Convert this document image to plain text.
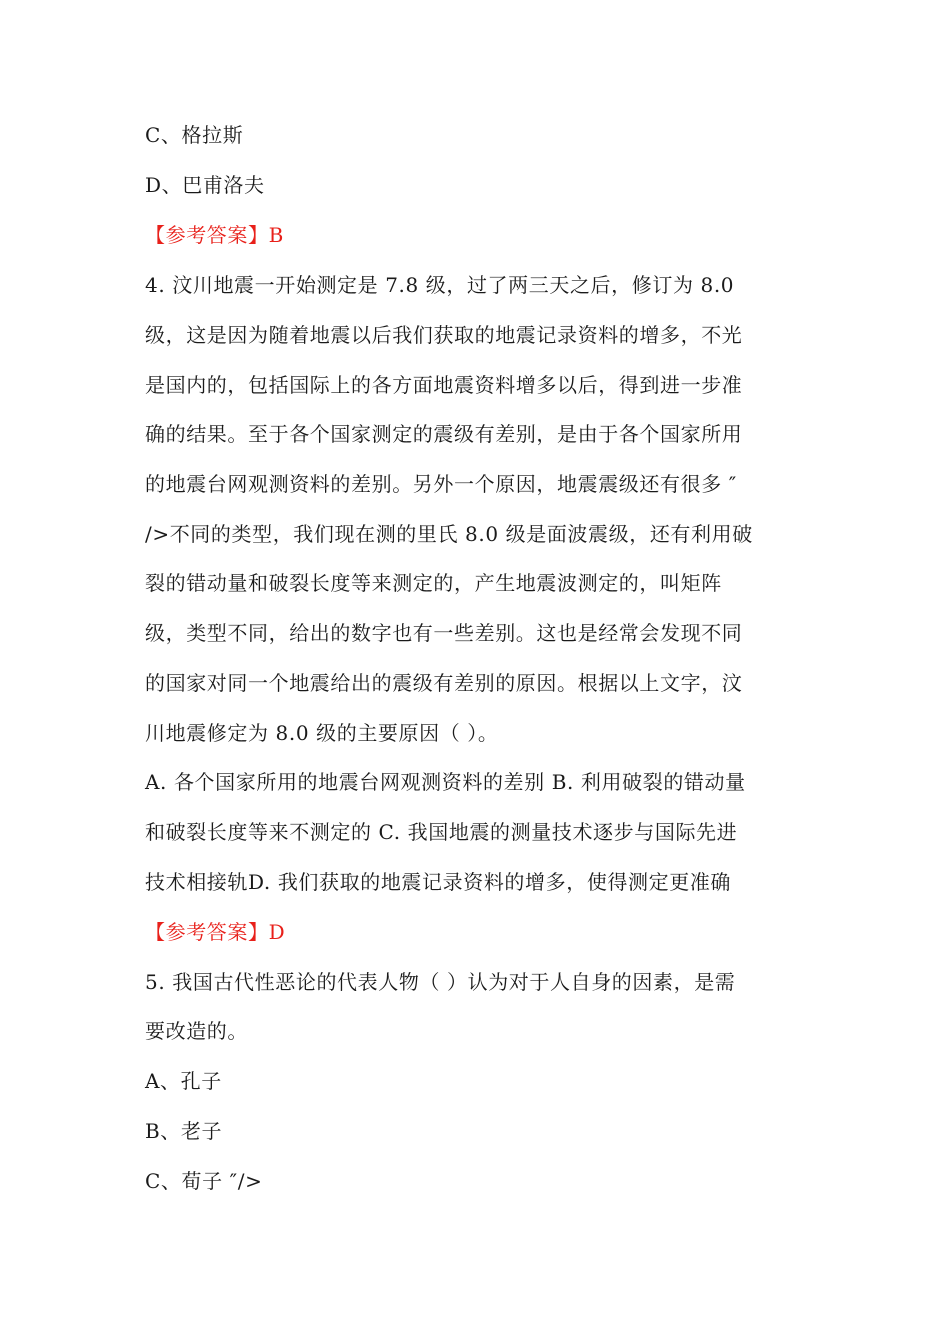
C、格拉斯
D、巴甫洛夫
【参考答案】B
4. 汶川地震一开始测定是 7.8 级，过了两三天之后，修订为 8.0
级，这是因为随着地震以后我们获取的地震记录资料的增多，不光
是国内的，包括国际上的各方面地震资料增多以后，得到进一步准
确的结果。至于各个国家测定的震级有差别，是由于各个国家所用
的地震台网观测资料的差别。另外一个原因，地震震级还有很多 ″
/>不同的类型，我们现在测的里氏 8.0 级是面波震级，还有利用破
裂的错动量和破裂长度等来测定的，产生地震波测定的，叫矩阵
级，类型不同，给出的数字也有一些差别。这也是经常会发现不同
的国家对同一个地震给出的震级有差别的原因。根据以上文字，汶
川地震修定为 8.0 级的主要原因（ ）。
A. 各个国家所用的地震台网观测资料的差别 B. 利用破裂的错动量
和破裂长度等来不测定的 C. 我国地震的测量技术逐步与国际先进
技术相接轨D. 我们获取的地震记录资料的增多，使得测定更准确
【参考答案】D
5. 我国古代性恶论的代表人物（ ）认为对于人自身的因素，是需
要改造的。
A、孔子
B、老子
C、荀子 ″/>
